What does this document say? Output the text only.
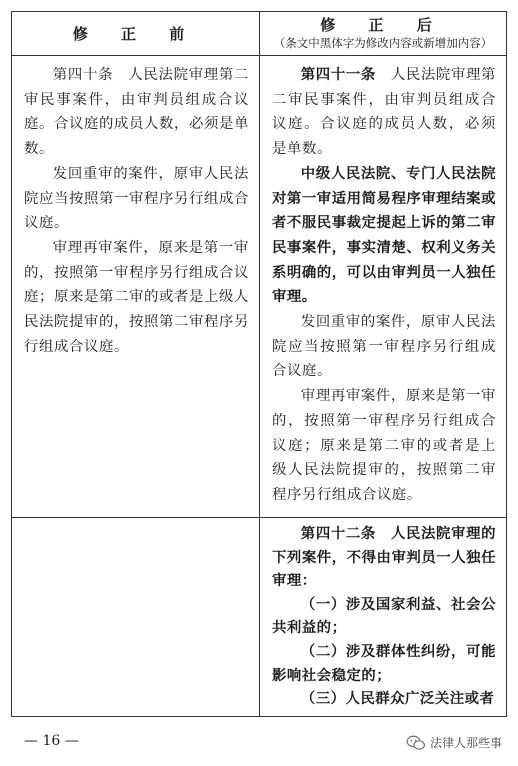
修 正 前	修 正 后
（条文中黑体字为修改内容或新增加内容）

第四十条　人民法院审理第二审民事案件，由审判员组成合议庭。合议庭的成员人数，必须是单数。

发回重审的案件，原审人民法院应当按照第一审程序另行组成合议庭。

审理再审案件，原来是第一审的，按照第一审程序另行组成合议庭；原来是第二审的或者是上级人民法院提审的，按照第二审程序另行组成合议庭。

第四十一条　人民法院审理第二审民事案件，由审判员组成合议庭。合议庭的成员人数，必须是单数。

中级人民法院、专门人民法院对第一审适用简易程序审理结案或者不服民事裁定提起上诉的第二审民事案件，事实清楚、权利义务关系明确的，可以由审判员一人独任审理。

发回重审的案件，原审人民法院应当按照第一审程序另行组成合议庭。

审理再审案件，原来是第一审的，按照第一审程序另行组成合议庭；原来是第二审的或者是上级人民法院提审的，按照第二审程序另行组成合议庭。

第四十二条　人民法院审理的下列案件，不得由审判员一人独任审理：

（一）涉及国家利益、社会公共利益的；

（二）涉及群体性纠纷，可能影响社会稳定的；

（三）人民群众广泛关注或者

— 16 —	法律人那些事
